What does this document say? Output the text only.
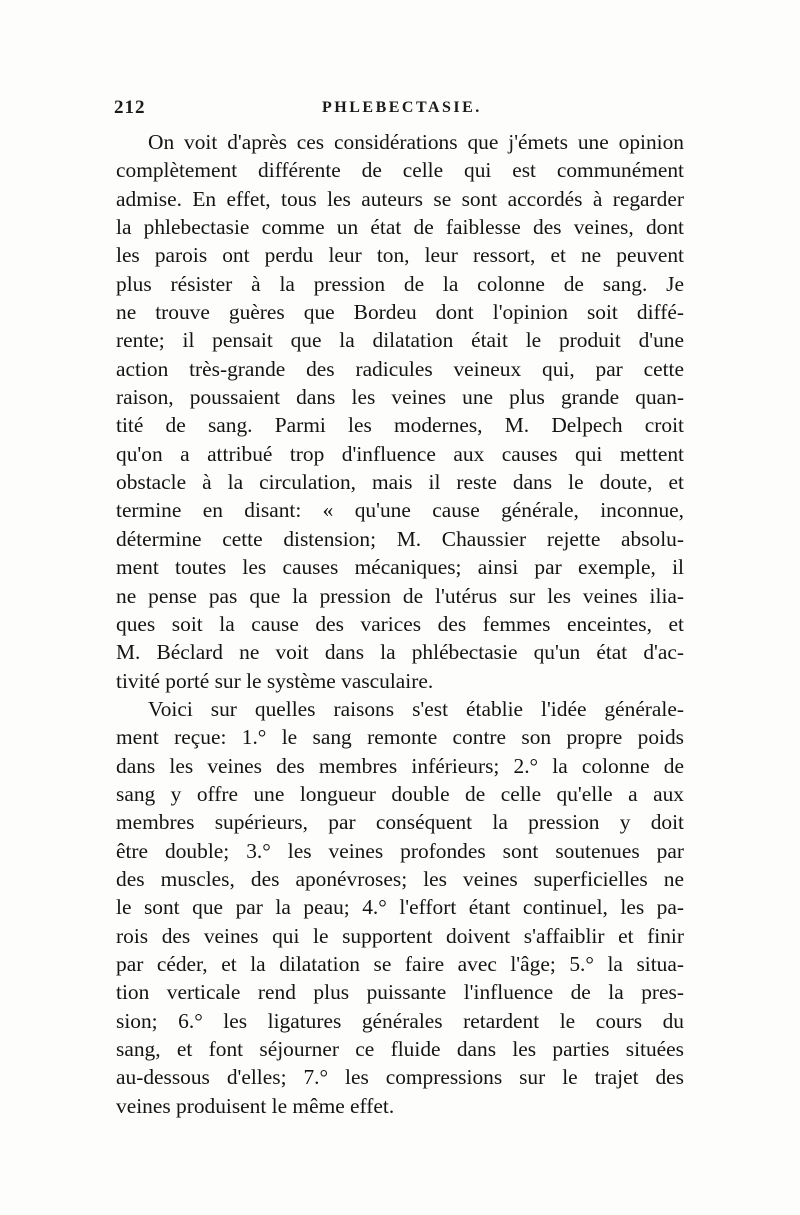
212	PHLEBECTASIE.

On voit d'après ces considérations que j'émets une opinion
complètement différente de celle qui est communément
admise. En effet, tous les auteurs se sont accordés à regarder
la phlebectasie comme un état de faiblesse des veines, dont
les parois ont perdu leur ton, leur ressort, et ne peuvent
plus résister à la pression de la colonne de sang. Je
ne trouve guères que Bordeu dont l'opinion soit diffé-
rente; il pensait que la dilatation était le produit d'une
action très-grande des radicules veineux qui, par cette
raison, poussaient dans les veines une plus grande quan-
tité de sang. Parmi les modernes, M. Delpech croit
qu'on a attribué trop d'influence aux causes qui mettent
obstacle à la circulation, mais il reste dans le doute, et
termine en disant: « qu'une cause générale, inconnue,
détermine cette distension; M. Chaussier rejette absolu-
ment toutes les causes mécaniques; ainsi par exemple, il
ne pense pas que la pression de l'utérus sur les veines ilia-
ques soit la cause des varices des femmes enceintes, et
M. Béclard ne voit dans la phlébectasie qu'un état d'ac-
tivité porté sur le système vasculaire.

Voici sur quelles raisons s'est établie l'idée générale-
ment reçue: 1.° le sang remonte contre son propre poids
dans les veines des membres inférieurs; 2.° la colonne de
sang y offre une longueur double de celle qu'elle a aux
membres supérieurs, par conséquent la pression y doit
être double; 3.° les veines profondes sont soutenues par
des muscles, des aponévroses; les veines superficielles ne
le sont que par la peau; 4.° l'effort étant continuel, les pa-
rois des veines qui le supportent doivent s'affaiblir et finir
par céder, et la dilatation se faire avec l'âge; 5.° la situa-
tion verticale rend plus puissante l'influence de la pres-
sion; 6.° les ligatures générales retardent le cours du
sang, et font séjourner ce fluide dans les parties situées
au-dessous d'elles; 7.° les compressions sur le trajet des
veines produisent le même effet.
